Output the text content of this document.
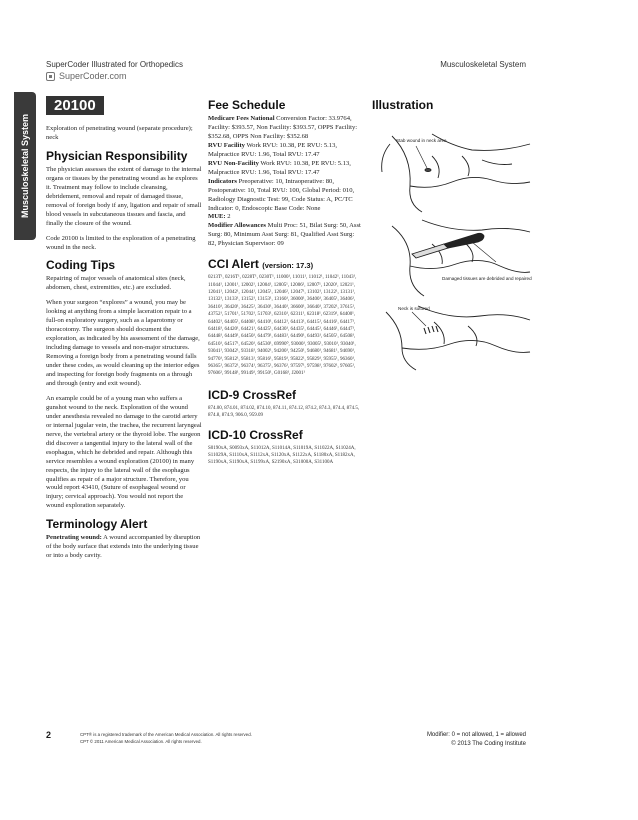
SuperCoder Illustrated for Orthopedics
SuperCoder.com
Musculoskeletal System
Musculoskeletal System
20100

Exploration of penetrating wound (separate procedure); neck

Physician Responsibility

The physician assesses the extent of damage to the internal organs or tissues by the penetrating wound as he explores it. Treatment may follow to include cleansing, debridement, removal and repair of damaged tissue, removal of foreign body if any, ligation and repair of small blood vessels in subcutaneous tissues and fascia, and finally the closure of the wound.

Code 20100 is limited to the exploration of a penetrating wound in the neck.

Coding Tips

Repairing of major vessels of anatomical sites (neck, abdomen, chest, extremities, etc.) are excluded.

When your surgeon “explores” a wound, you may be looking at anything from a simple laceration repair to a full-on exploratory surgery, such as a laparotomy or thoracotomy. The surgeon should document the exploration, as indicated by his assessment of the damage, including damage to vessels and non-major structures. Removing a foreign body from a penetrating wound falls under these codes, as would cleaning up the interior edges and inspecting for foreign body fragments on a through and through (entry and exit wound).

An example could be of a young man who suffers a gunshot wound to the neck. Exploration of the wound under anesthesia revealed no damage to the carotid artery or internal jugular vein, the trachea, the recurrent laryngeal nerve, the vertebral artery or the thyroid lobe. The surgeon did discover a tangential injury to the lateral wall of the esophagus, which he debrided and repair. Although this service resembles a wound exploration (20100) in many respects, the injury to the lateral wall of the esophagus qualifies as repair of a major structure. Therefore, you would report 43410, (Suture of esophageal wound or injury; cervical approach). You would not report the wound exploration separately.

Terminology Alert

Penetrating wound: A wound accompanied by disruption of the body surface that extends into the underlying tissue or into a body cavity.

Fee Schedule
Medicare Fees National Conversion Factor: 33.9764, Facility: $393.57, Non Facility: $393.57, OPPS Facility: $352.68, OPPS Non Facility: $352.68
RVU Facility Work RVU: 10.38, PE RVU: 5.13, Malpractice RVU: 1.96, Total RVU: 17.47
RVU Non-Facility Work RVU: 10.38, PE RVU: 5.13, Malpractice RVU: 1.96, Total RVU: 17.47
Indicators Preoperative: 10, Intraoperative: 80, Postoperative: 10, Total RVU: 100, Global Period: 010, Radiology Diagnostic Test: 99, Code Status: A, PC/TC Indicator: 0, Endoscopic Base Code: None
MUE: 2
Modifier Allowances Multi Proc: 51, Bilat Surg: 50, Asst Surg: 80, Minimum Asst Surg: 81, Qualified Asst Surg: 82, Physician Supervisor: 09
CCI Alert (version: 17.3)

0213T¹, 0216T¹, 0228T¹, 0230T¹, 11000¹, 11011¹, 11012¹, 11042¹, 11043¹, 11044¹, 12001¹, 12002¹, 12004¹, 12005¹, 12006¹, 12007¹, 12020¹, 12021¹, 12041¹, 12042¹, 12044¹, 12045¹, 12046¹, 12047¹, 13102¹, 13122¹, 13131¹, 13132¹, 13133¹, 13152¹, 13153¹, 13160¹, 36000¹, 36400¹, 36405¹, 36406¹, 36410¹, 36420¹, 36425¹, 36430¹, 36440¹, 36600¹, 36640¹, 37202¹, 37615¹, 43752¹, 51701¹, 51702¹, 51703¹, 62310¹, 62311¹, 62318¹, 62319¹, 64400¹, 64402¹, 64405¹, 64408¹, 64410¹, 64412¹, 64413¹, 64415¹, 64416¹, 64417¹, 64418¹, 64420¹, 64421¹, 64425¹, 64430¹, 64435¹, 64445¹, 64446¹, 64447¹, 64448¹, 64449¹, 64450¹, 64479¹, 64483¹, 64490¹, 64493¹, 64505¹, 64508¹, 64510¹, 64517¹, 64520¹, 64530¹, 69990⁰, 93000¹, 93005¹, 93010¹, 93040¹, 93041¹, 93042¹, 93318¹, 94002¹, 94200¹, 94250¹, 94680¹, 94681¹, 94690¹, 94770¹, 95812¹, 95813¹, 95816¹, 95819¹, 95822¹, 95829¹, 95955¹, 96360¹, 96365¹, 96372¹, 96374¹, 96375¹, 96376¹, 97597¹, 97598¹, 97602¹, 97605¹, 97606¹, 99148¹, 99149¹, 99150¹, G0168¹, J2001¹

ICD-9 CrossRef

874.00, 874.01, 874.02, 874.10, 874.11, 874.12, 874.2, 874.3, 874.4, 874.5, 874.8, 874.9, 906.0, 959.09

ICD-10 CrossRef

S0190xA, S0093xA, S11012A, S11014A, S11019A, S11022A, S11024A, S11029A, S1110xA, S1112xA, S1120xA, S1122xA, S1180xA, S1182xA, S1190xA, S1190xA, S1199xA, S2190xA, S31000A, S31100A

Illustration
Stab wound in neck area
Damaged tissues are debrided and repaired
Neck is sutured
2	CPT® is a registered trademark of the American Medical Association. All rights reserved.
CPT © 2011 American Medical Association. All rights reserved.
Modifier: 0 = not allowed, 1 = allowed
© 2013 The Coding Institute
